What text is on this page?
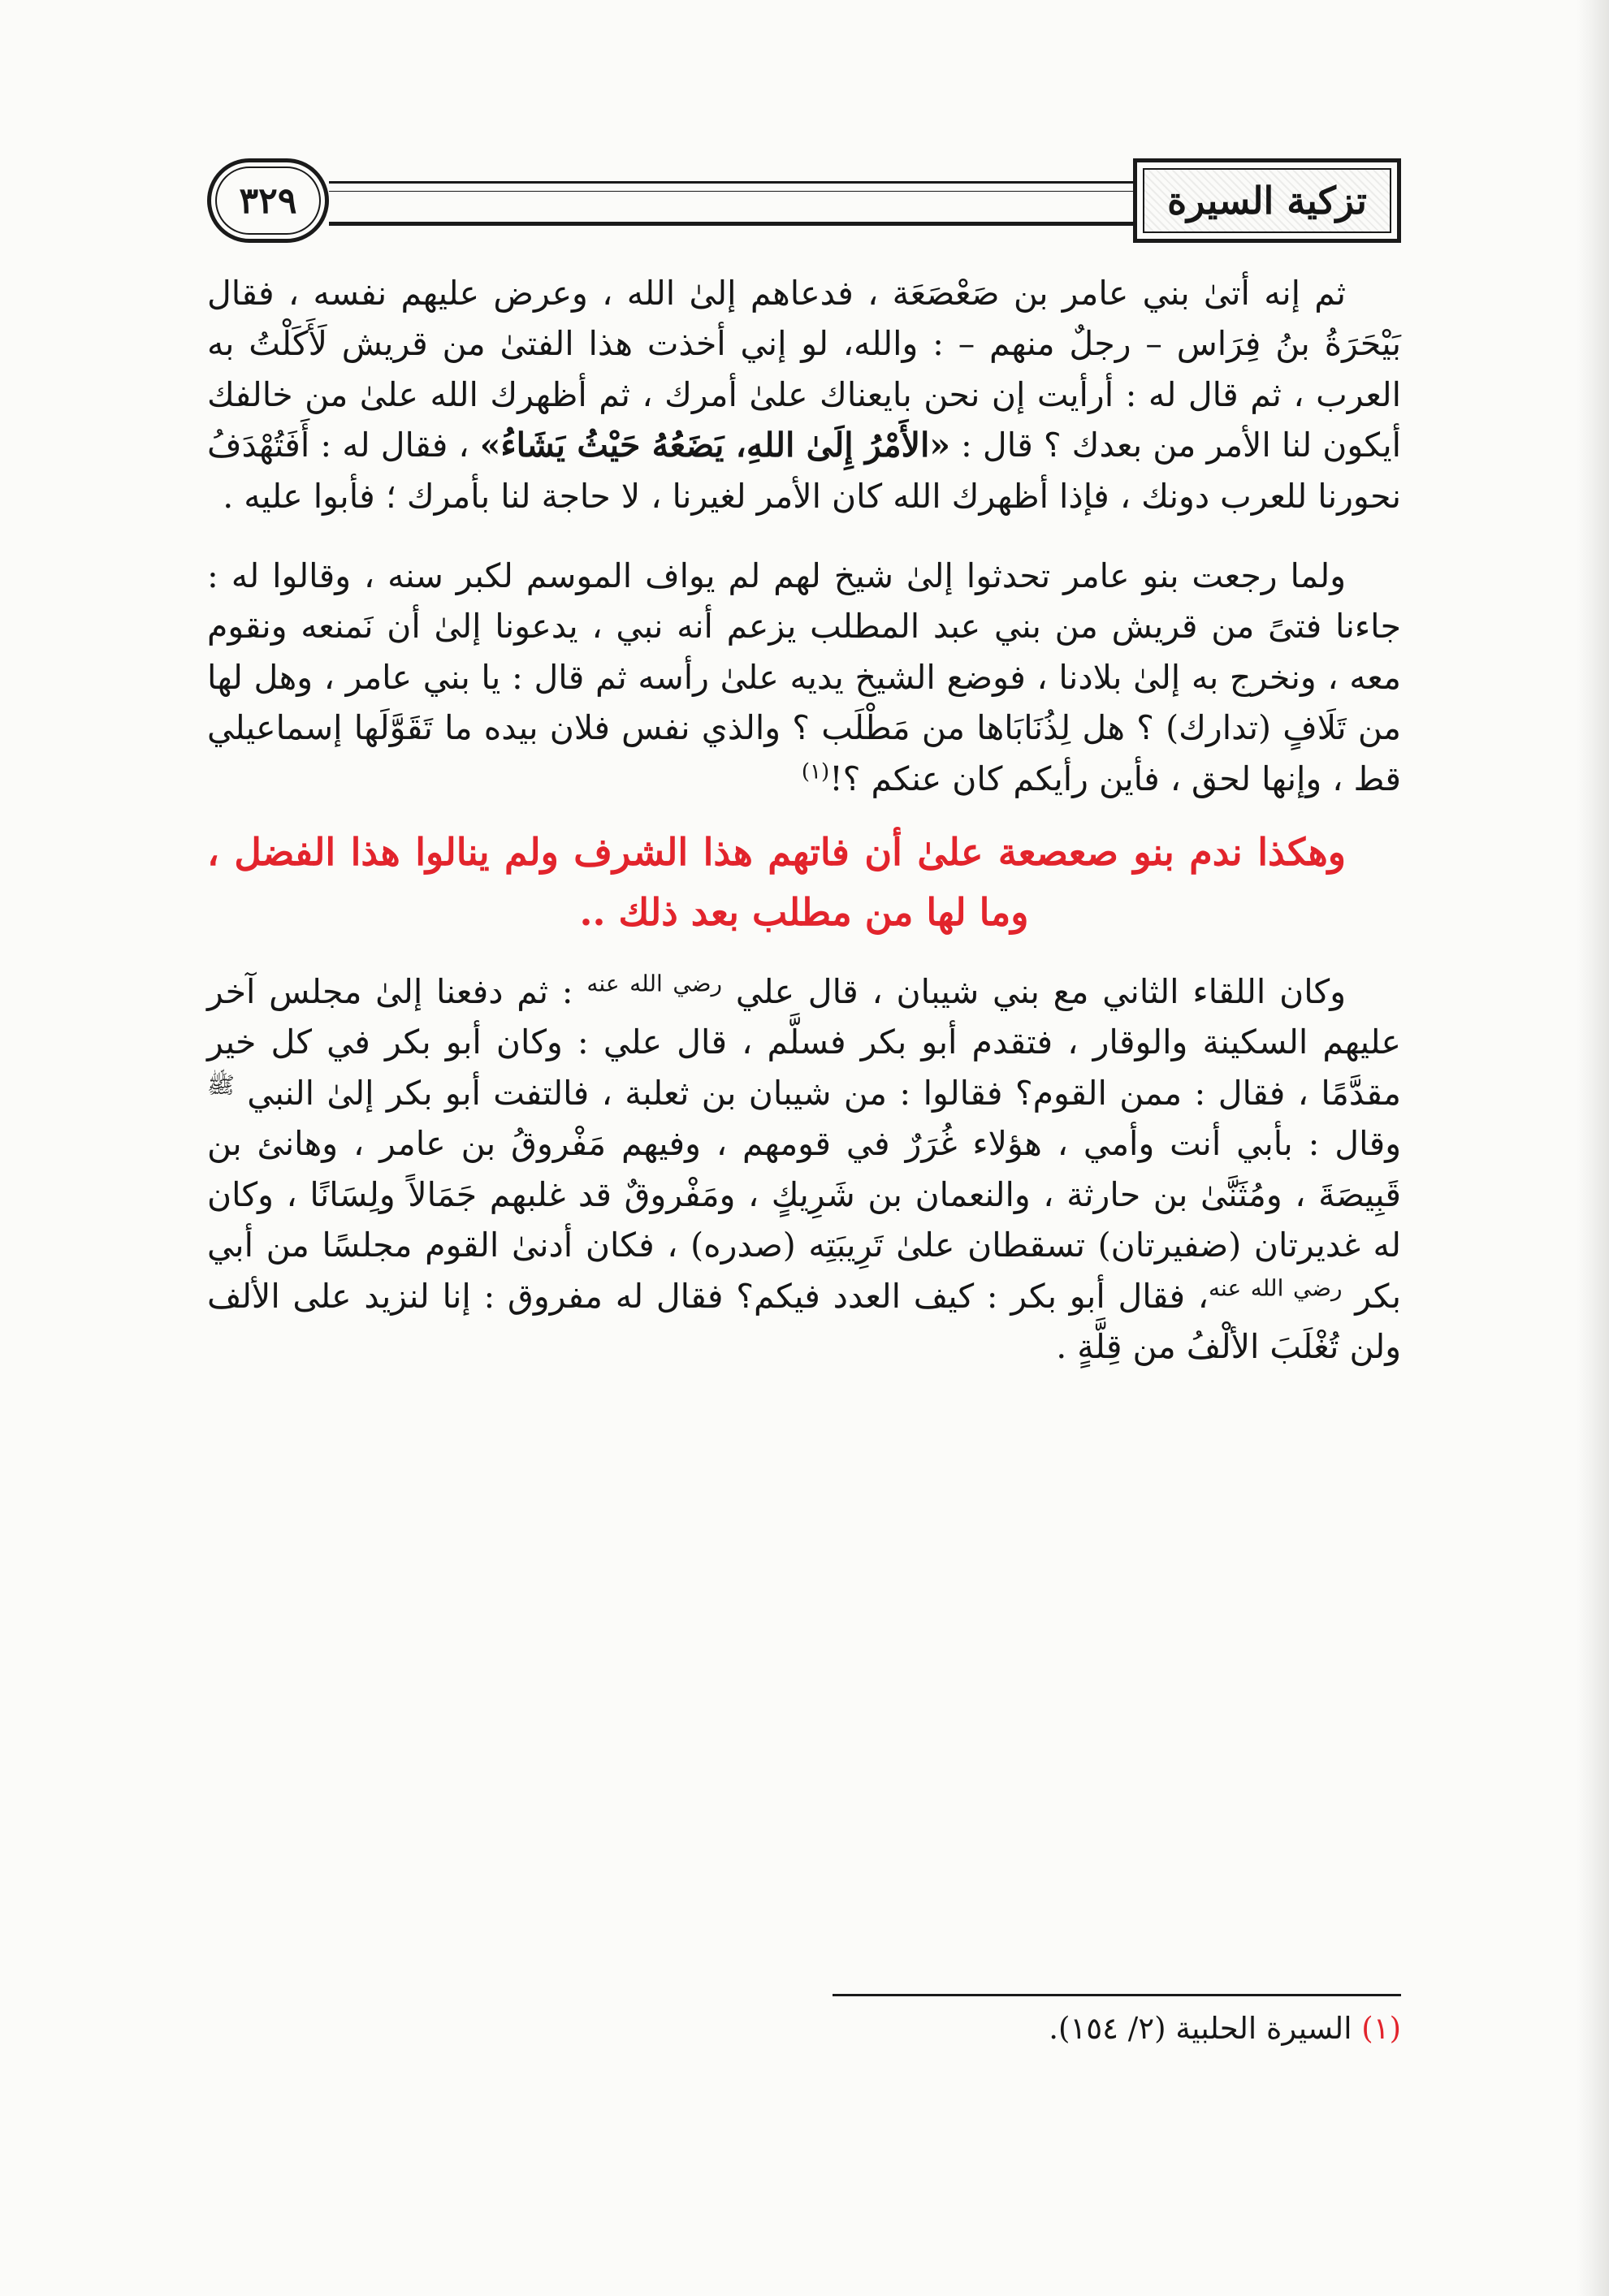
٣٢٩	تزكية السيرة

ثم إنه أتىٰ بني عامر بن صَعْصَعَة ، فدعاهم إلىٰ الله ، وعرض عليهم نفسه ، فقال بَيْحَرَةُ بنُ فِرَاس – رجلٌ منهم – : والله، لو إني أخذت هذا الفتىٰ من قريش لَأَكَلْتُ به العرب ، ثم قال له : أرأيت إن نحن بايعناك علىٰ أمرك ، ثم أظهرك الله علىٰ من خالفك أيكون لنا الأمر من بعدك ؟ قال : «الأَمْرُ إِلَىٰ اللهِ، يَضَعُهُ حَيْثُ يَشَاءُ» ، فقال له : أَفَتُهْدَفُ نحورنا للعرب دونك ، فإذا أظهرك الله كان الأمر لغيرنا ، لا حاجة لنا بأمرك ؛ فأبوا عليه .

ولما رجعت بنو عامر تحدثوا إلىٰ شيخ لهم لم يواف الموسم لكبر سنه ، وقالوا له : جاءنا فتىً من قريش من بني عبد المطلب يزعم أنه نبي ، يدعونا إلىٰ أن نَمنعه ونقوم معه ، ونخرج به إلىٰ بلادنا ، فوضع الشيخ يديه علىٰ رأسه ثم قال : يا بني عامر ، وهل لها من تَلَافٍ (تدارك) ؟ هل لِذُنَابَاها من مَطْلَب ؟ والذي نفس فلان بيده ما تَقَوَّلَها إسماعيلي قط ، وإنها لحق ، فأين رأيكم كان عنكم ؟!$^{(١)}$

وهكذا ندم بنو صعصعة علىٰ أن فاتهم هذا الشرف ولم ينالوا هذا الفضل ، وما لها من مطلب بعد ذلك ..

وكان اللقاء الثاني مع بني شيبان ، قال علي $^{رضي الله عنه}$ : ثم دفعنا إلىٰ مجلس آخر عليهم السكينة والوقار ، فتقدم أبو بكر فسلَّم ، قال علي : وكان أبو بكر في كل خير مقدَّمًا ، فقال : ممن القوم؟ فقالوا : من شيبان بن ثعلبة ، فالتفت أبو بكر إلىٰ النبي $^ﷺ$ وقال : بأبي أنت وأمي ، هؤلاء غُرَرٌ في قومهم ، وفيهم مَفْروقُ بن عامر ، وهانئ بن قَبِيصَةَ ، ومُثَنَّىٰ بن حارثة ، والنعمان بن شَرِيكٍ ، ومَفْروقٌ قد غلبهم جَمَالاً ولِسَانًا ، وكان له غديرتان (ضفيرتان) تسقطان علىٰ تَرِيبَتِه (صدره) ، فكان أدنىٰ القوم مجلسًا من أبي بكر $^{رضي الله عنه}$، فقال أبو بكر : كيف العدد فيكم؟ فقال له مفروق : إنا لنزيد على الألف ولن تُغْلَبَ الألْفُ من قِلَّةٍ .

(١) السيرة الحلبية (٢/ ١٥٤).
